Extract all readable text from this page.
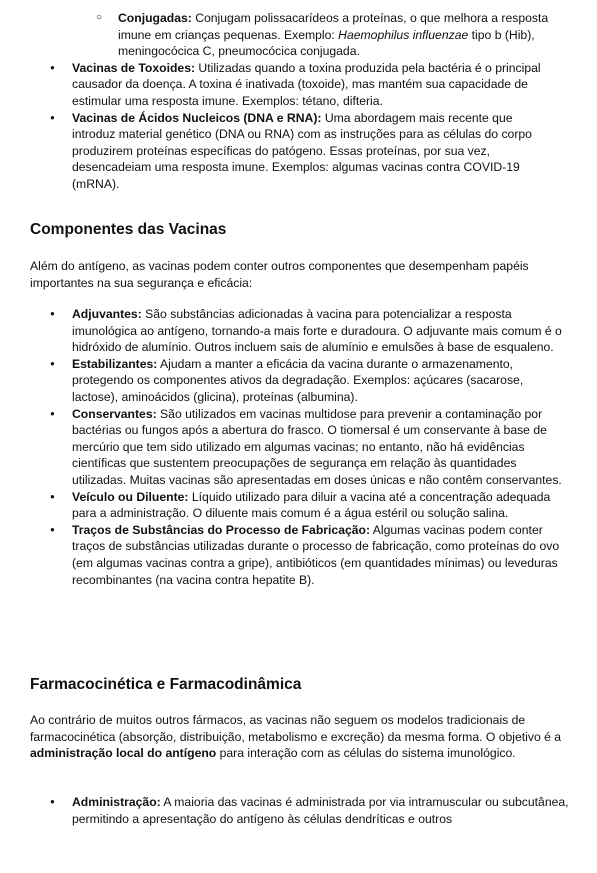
○ Conjugadas: Conjugam polissacarídeos a proteínas, o que melhora a resposta imune em crianças pequenas. Exemplo: Haemophilus influenzae tipo b (Hib), meningocócica C, pneumocócica conjugada.
● Vacinas de Toxoides: Utilizadas quando a toxina produzida pela bactéria é o principal causador da doença. A toxina é inativada (toxoide), mas mantém sua capacidade de estimular uma resposta imune. Exemplos: tétano, difteria.
● Vacinas de Ácidos Nucleicos (DNA e RNA): Uma abordagem mais recente que introduz material genético (DNA ou RNA) com as instruções para as células do corpo produzirem proteínas específicas do patógeno. Essas proteínas, por sua vez, desencadeiam uma resposta imune. Exemplos: algumas vacinas contra COVID-19 (mRNA).
Componentes das Vacinas

Além do antígeno, as vacinas podem conter outros componentes que desempenham papéis importantes na sua segurança e eficácia:

● Adjuvantes: São substâncias adicionadas à vacina para potencializar a resposta imunológica ao antígeno, tornando-a mais forte e duradoura. O adjuvante mais comum é o hidróxido de alumínio. Outros incluem sais de alumínio e emulsões à base de esqualeno.
● Estabilizantes: Ajudam a manter a eficácia da vacina durante o armazenamento, protegendo os componentes ativos da degradação. Exemplos: açúcares (sacarose, lactose), aminoácidos (glicina), proteínas (albumina).
● Conservantes: São utilizados em vacinas multidose para prevenir a contaminação por bactérias ou fungos após a abertura do frasco. O tiomersal é um conservante à base de mercúrio que tem sido utilizado em algumas vacinas; no entanto, não há evidências científicas que sustentem preocupações de segurança em relação às quantidades utilizadas. Muitas vacinas são apresentadas em doses únicas e não contêm conservantes.
● Veículo ou Diluente: Líquido utilizado para diluir a vacina até a concentração adequada para a administração. O diluente mais comum é a água estéril ou solução salina.
● Traços de Substâncias do Processo de Fabricação: Algumas vacinas podem conter traços de substâncias utilizadas durante o processo de fabricação, como proteínas do ovo (em algumas vacinas contra a gripe), antibióticos (em quantidades mínimas) ou leveduras recombinantes (na vacina contra hepatite B).
Farmacocinética e Farmacodinâmica

Ao contrário de muitos outros fármacos, as vacinas não seguem os modelos tradicionais de farmacocinética (absorção, distribuição, metabolismo e excreção) da mesma forma. O objetivo é a administração local do antígeno para interação com as células do sistema imunológico.

● Administração: A maioria das vacinas é administrada por via intramuscular ou subcutânea, permitindo a apresentação do antígeno às células dendríticas e outros
